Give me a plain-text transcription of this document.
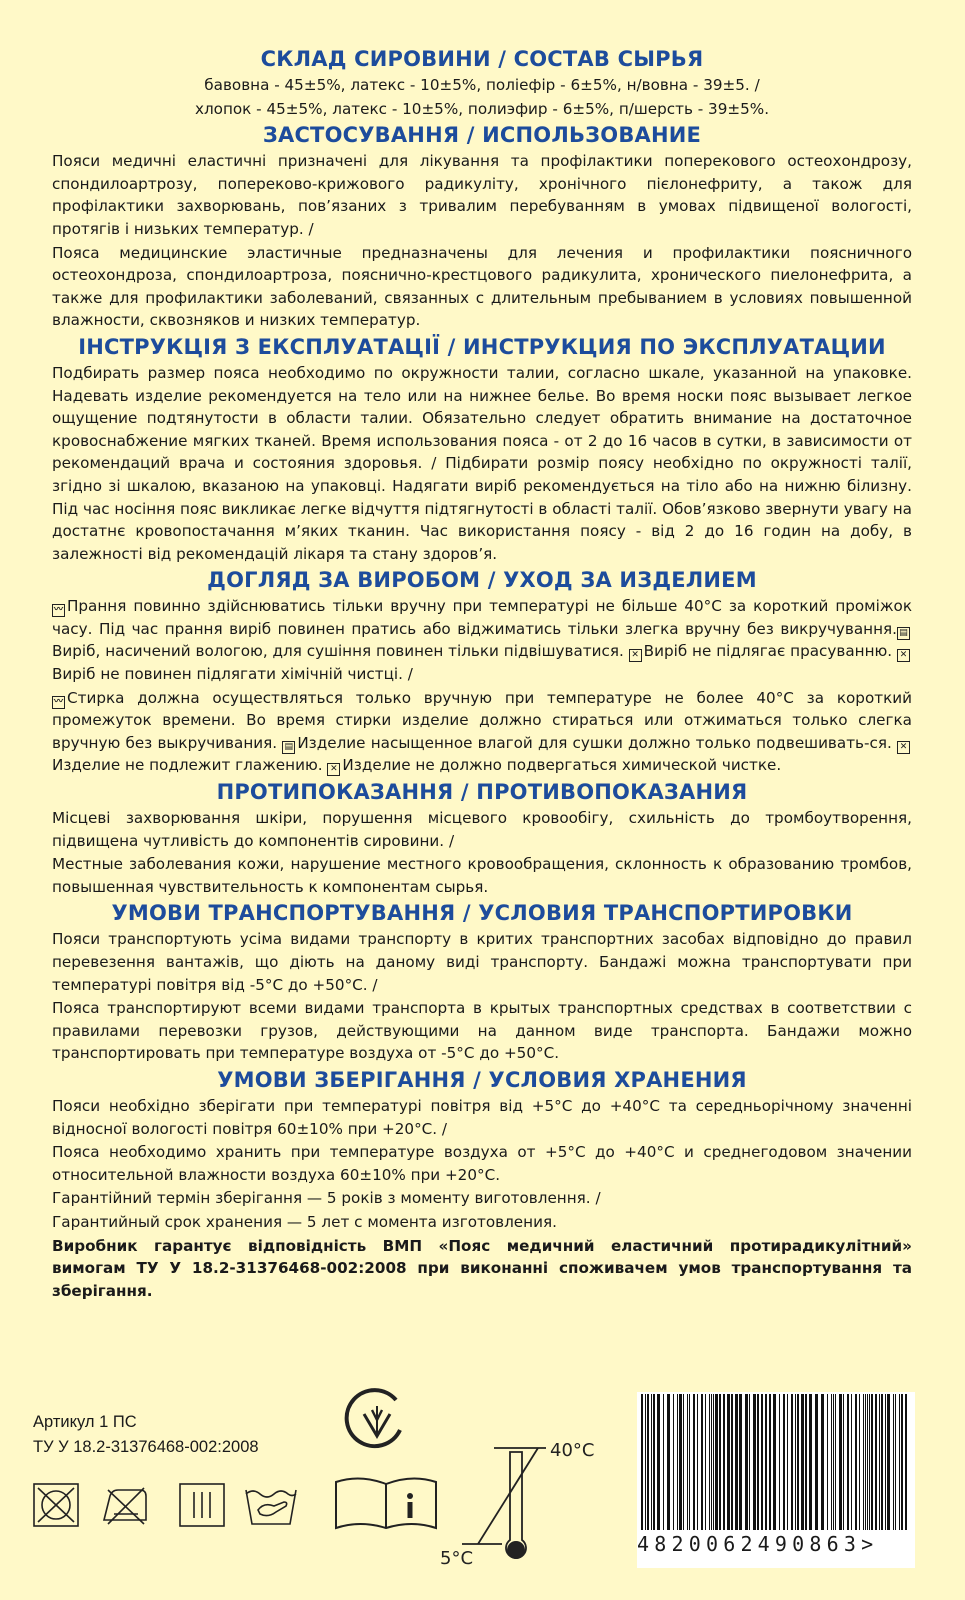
СКЛАД СИРОВИНИ / СОСТАВ СЫРЬЯ

бавовна - 45±5%, латекс - 10±5%, поліефір - 6±5%, н/вовна - 39±5. /

хлопок - 45±5%, латекс - 10±5%, полиэфир - 6±5%, п/шерсть - 39±5%.

ЗАСТОСУВАННЯ / ИСПОЛЬЗОВАНИЕ

Пояси медичні еластичні призначені для лікування та профілактики поперекового остеохондрозу, спондилоартрозу, попереково-крижового радикуліту, хронічного пієлонефриту, а також для профілактики захворювань, пов’язаних з тривалим перебуванням в умовах підвищеної вологості, протягів і низьких температур. /

Пояса медицинские эластичные предназначены для лечения и профилактики поясничного остеохондроза, спондилоартроза, пояснично-крестцового радикулита, хронического пиелонефрита, а также для профилактики заболеваний, связанных с длительным пребыванием в условиях повышенной влажности, сквозняков и низких температур.

ІНСТРУКЦІЯ З ЕКСПЛУАТАЦІЇ / ИНСТРУКЦИЯ ПО ЭКСПЛУАТАЦИИ

Подбирать размер пояса необходимо по окружности талии, согласно шкале, указанной на упаковке. Надевать изделие рекомендуется на тело или на нижнее белье. Во время носки пояс вызывает легкое ощущение подтянутости в области талии. Обязательно следует обратить внимание на достаточное кровоснабжение мягких тканей. Время использования пояса - от 2 до 16 часов в сутки, в зависимости от рекомендаций врача и состояния здоровья. / Підбирати розмір поясу необхідно по окружності талії, згідно зі шкалою, вказаною на упаковці. Надягати виріб рекомендується на тіло або на нижню білизну. Під час носіння пояс викликає легке відчуття підтягнутості в області талії. Обов’язково звернути увагу на достатнє кровопостачання м’яких тканин. Час використання поясу - від 2 до 16 годин на добу, в залежності від рекомендацій лікаря та стану здоров’я.

ДОГЛЯД ЗА ВИРОБОМ / УХОД ЗА ИЗДЕЛИЕМ

〰 Прання повинно здійснюватись тільки вручну при температурі не більше 40°С за короткий проміжок часу. Під час прання виріб повинен пратись або віджиматись тільки злегка вручну без викручування. ▤Виріб, насичений вологою, для сушіння повинен тільки підвішуватися. ✕ Виріб не підлягає прасуванню. ✕Виріб не повинен підлягати хімічній чистці. /

〰 Стирка должна осуществляться только вручную при температуре не более 40°С за короткий промежуток времени. Во время стирки изделие должно стираться или отжиматься только слегка вручную без выкручивания. ▤ Изделие насыщенное влагой для сушки должно только подвешивать-ся. ✕Изделие не подлежит глажению. ✕ Изделие не должно подвергаться химической чистке.

ПРОТИПОКАЗАННЯ / ПРОТИВОПОКАЗАНИЯ

Місцеві захворювання шкіри, порушення місцевого кровообігу, схильність до тромбоутворення, підвищена чутливість до компонентів сировини. /

Местные заболевания кожи, нарушение местного кровообращения, склонность к образованию тромбов, повышенная чувствительность к компонентам сырья.

УМОВИ ТРАНСПОРТУВАННЯ / УСЛОВИЯ ТРАНСПОРТИРОВКИ

Пояси транспортують усіма видами транспорту в критих транспортних засобах відповідно до правил перевезення вантажів, що діють на даному виді транспорту. Бандажі можна транспортувати при температурі повітря від -5°С до +50°С. /

Пояса транспортируют всеми видами транспорта в крытых транспортных средствах в соответствии с правилами перевозки грузов, действующими на данном виде транспорта. Бандажи можно транспортировать при температуре воздуха от -5°С до +50°С.

УМОВИ ЗБЕРІГАННЯ / УСЛОВИЯ ХРАНЕНИЯ

Пояси необхідно зберігати при температурі повітря від +5°С до +40°С та середньорічному значенні відносної вологості повітря 60±10% при +20°С. /

Пояса необходимо хранить при температуре воздуха от +5°С до +40°С и среднегодовом значении относительной влажности воздуха 60±10% при +20°С.

Гарантійний термін зберігання — 5 років з моменту виготовлення. /

Гарантийный срок хранения — 5 лет с момента изготовления.

Виробник гарантує відповідність ВМП «Пояс медичний еластичний протирадикулітний» вимогам ТУ У 18.2-31376468-002:2008 при виконанні споживачем умов транспортування та зберігання.

Артикул 1 ПС
ТУ У 18.2-31376468-002:2008	40°С
5°С
4820062490863>
